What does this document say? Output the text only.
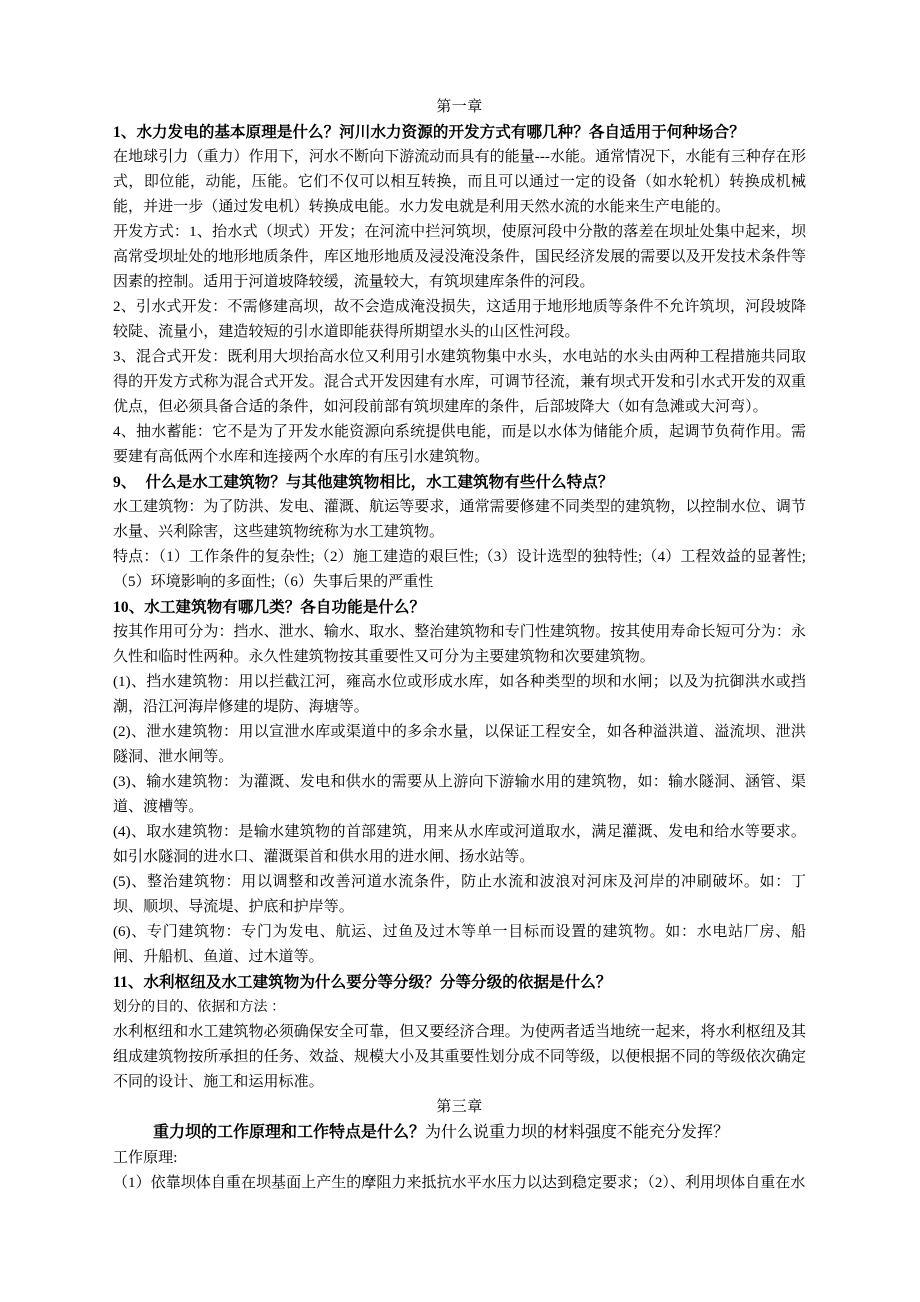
第一章

1、水力发电的基本原理是什么？河川水力资源的开发方式有哪几种？各自适用于何种场合？

在地球引力（重力）作用下，河水不断向下游流动而具有的能量---水能。通常情况下，水能有三种存在形式，即位能，动能，压能。它们不仅可以相互转换，而且可以通过一定的设备（如水轮机）转换成机械能，并进一步（通过发电机）转换成电能。水力发电就是利用天然水流的水能来生产电能的。

开发方式：1、抬水式（坝式）开发；在河流中拦河筑坝，使原河段中分散的落差在坝址处集中起来，坝高常受坝址处的地形地质条件，库区地形地质及浸没淹没条件，国民经济发展的需要以及开发技术条件等因素的控制。适用于河道坡降较缓，流量较大，有筑坝建库条件的河段。

2、引水式开发：不需修建高坝，故不会造成淹没损失，这适用于地形地质等条件不允许筑坝，河段坡降较陡、流量小，建造较短的引水道即能获得所期望水头的山区性河段。

3、混合式开发：既利用大坝抬高水位又利用引水建筑物集中水头，水电站的水头由两种工程措施共同取得的开发方式称为混合式开发。混合式开发因建有水库，可调节径流，兼有坝式开发和引水式开发的双重优点，但必须具备合适的条件，如河段前部有筑坝建库的条件，后部坡降大（如有急滩或大河弯）。

4、抽水蓄能：它不是为了开发水能资源向系统提供电能，而是以水体为储能介质，起调节负荷作用。需要建有高低两个水库和连接两个水库的有压引水建筑物。

9、 什么是水工建筑物？与其他建筑物相比，水工建筑物有些什么特点？

水工建筑物：为了防洪、发电、灌溉、航运等要求，通常需要修建不同类型的建筑物，以控制水位、调节水量、兴利除害，这些建筑物统称为水工建筑物。

特点：（1）工作条件的复杂性;（2）施工建造的艰巨性;（3）设计选型的独特性;（4）工程效益的显著性;（5）环境影响的多面性;（6）失事后果的严重性

10、水工建筑物有哪几类？各自功能是什么？

按其作用可分为：挡水、泄水、输水、取水、整治建筑物和专门性建筑物。按其使用寿命长短可分为：永久性和临时性两种。永久性建筑物按其重要性又可分为主要建筑物和次要建筑物。

(1)、挡水建筑物：用以拦截江河，雍高水位或形成水库，如各种类型的坝和水闸；以及为抗御洪水或挡潮，沿江河海岸修建的堤防、海塘等。

(2)、泄水建筑物：用以宣泄水库或渠道中的多余水量，以保证工程安全，如各种溢洪道、溢流坝、泄洪隧洞、泄水闸等。

(3)、输水建筑物：为灌溉、发电和供水的需要从上游向下游输水用的建筑物，如：输水隧洞、涵管、渠道、渡槽等。

(4)、取水建筑物：是输水建筑物的首部建筑，用来从水库或河道取水，满足灌溉、发电和给水等要求。如引水隧洞的进水口、灌溉渠首和供水用的进水闸、扬水站等。

(5)、整治建筑物：用以调整和改善河道水流条件，防止水流和波浪对河床及河岸的冲刷破坏。如：丁坝、顺坝、导流堤、护底和护岸等。

(6)、专门建筑物：专门为发电、航运、过鱼及过木等单一目标而设置的建筑物。如：水电站厂房、船闸、升船机、鱼道、过木道等。

11、水利枢纽及水工建筑物为什么要分等分级？分等分级的依据是什么？

划分的目的、依据和方法 ：

水利枢纽和水工建筑物必须确保安全可靠，但又要经济合理。为使两者适当地统一起来，将水利枢纽及其组成建筑物按所承担的任务、效益、规模大小及其重要性划分成不同等级，以便根据不同的等级依次确定不同的设计、施工和运用标准。

第三章

重力坝的工作原理和工作特点是什么？为什么说重力坝的材料强度不能充分发挥？

工作原理:

（1）依靠坝体自重在坝基面上产生的摩阻力来抵抗水平水压力以达到稳定要求；（2）、利用坝体自重在水
